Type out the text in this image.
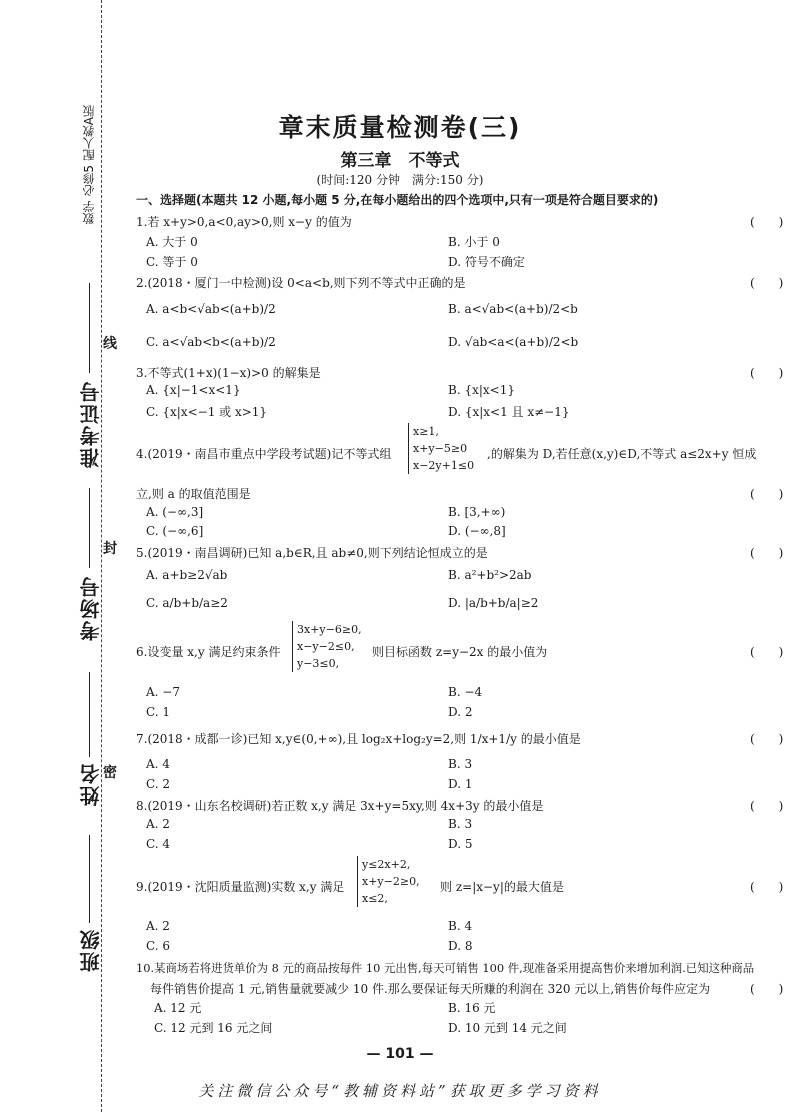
数学 必修5 配人教A版
准考证号
考场号
姓名
班级
线
封
密
章末质量检测卷(三)
第三章　不等式
(时间:120 分钟　满分:150 分)
一、选择题(本题共 12 小题,每小题 5 分,在每小题给出的四个选项中,只有一项是符合题目要求的)
1.若 x+y>0,a<0,ay>0,则 x−y 的值为	(　　)
A. 大于 0	B. 小于 0
C. 等于 0	D. 符号不确定
2.(2018・厦门一中检测)设 0<a<b,则下列不等式中正确的是	(　　)
A. a<b<√ab<(a+b)/2	B. a<√ab<(a+b)/2<b
C. a<√ab<b<(a+b)/2	D. √ab<a<(a+b)/2<b
3.不等式(1+x)(1−x)>0 的解集是
A. {x|−1<x<1}	B. {x|x<1}
C. {x|x<−1 或 x>1}	D. {x|x<1 且 x≠−1}
(　　)
4.(2019・南昌市重点中学段考试题)记不等式组
x≥1,
x+y−5≥0
x−2y+1≤0
,的解集为 D,若任意(x,y)∈D,不等式 a≤2x+y 恒成
立,则 a 的取值范围是	(　　)
A. (−∞,3]	B. [3,+∞)
C. (−∞,6]	D. (−∞,8]
5.(2019・南昌调研)已知 a,b∈R,且 ab≠0,则下列结论恒成立的是	(　　)
A. a+b≥2√ab	B. a²+b²>2ab
C. a/b+b/a≥2	D. |a/b+b/a|≥2
6.设变量 x,y 满足约束条件
3x+y−6≥0,
x−y−2≤0,
y−3≤0,
则目标函数 z=y−2x 的最小值为	(　　)
A. −7	B. −4
C. 1	D. 2
7.(2018・成都一诊)已知 x,y∈(0,+∞),且 log₂x+log₂y=2,则 1/x+1/y 的最小值是	(　　)
A. 4	B. 3
C. 2	D. 1
8.(2019・山东名校调研)若正数 x,y 满足 3x+y=5xy,则 4x+3y 的最小值是	(　　)
A. 2	B. 3
C. 4	D. 5
9.(2019・沈阳质量监测)实数 x,y 满足
y≤2x+2,
x+y−2≥0,
x≤2,
则 z=|x−y|的最大值是	(　　)
A. 2	B. 4
C. 6	D. 8
10.某商场若将进货单价为 8 元的商品按每件 10 元出售,每天可销售 100 件,现准备采用提高售价来增加利润.已知这种商品
每件销售价提高 1 元,销售量就要减少 10 件.那么要保证每天所赚的利润在 320 元以上,销售价每件应定为	(　　)
A. 12 元	B. 16 元
C. 12 元到 16 元之间	D. 10 元到 14 元之间
— 101 —
关注微信公众号“教辅资料站”获取更多学习资料
